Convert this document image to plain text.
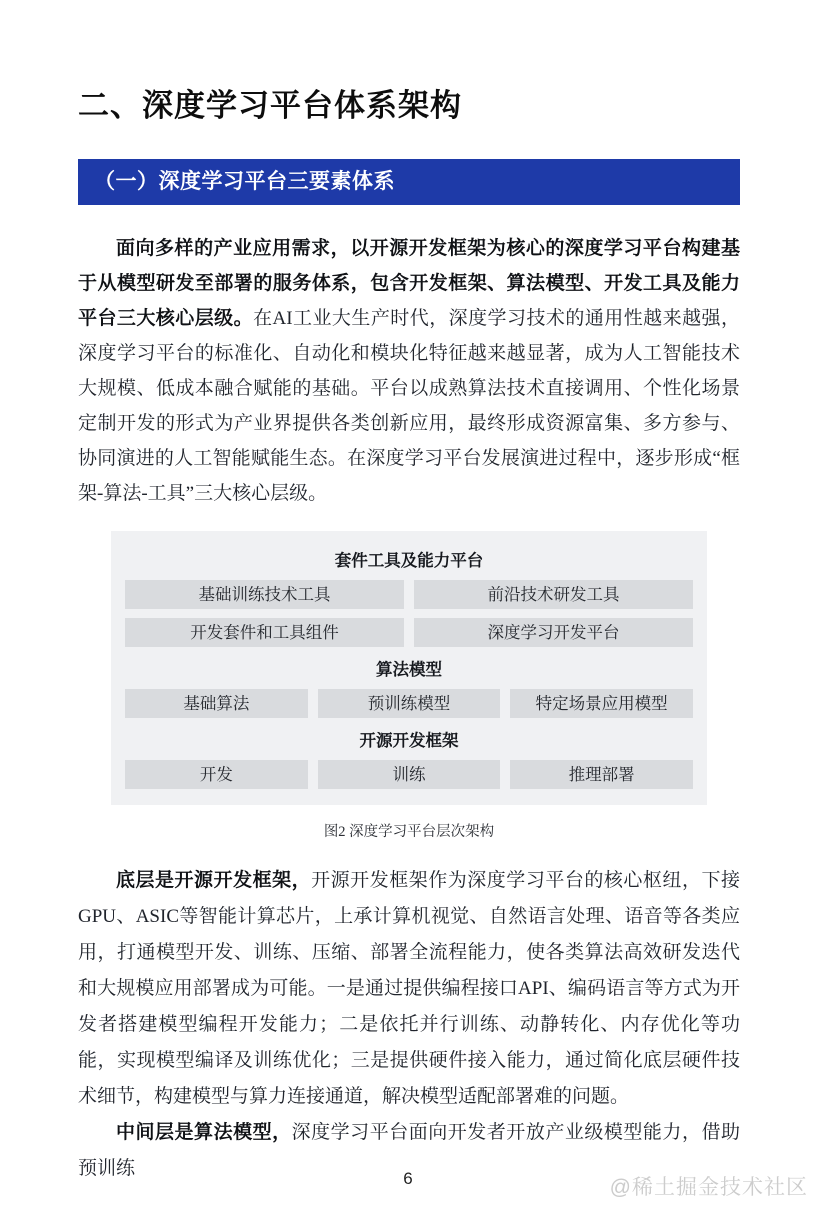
二、深度学习平台体系架构
（一）深度学习平台三要素体系

面向多样的产业应用需求，以开源开发框架为核心的深度学习平台构建基于从模型研发至部署的服务体系，包含开发框架、算法模型、开发工具及能力平台三大核心层级。在AI工业大生产时代，深度学习技术的通用性越来越强，深度学习平台的标准化、自动化和模块化特征越来越显著，成为人工智能技术大规模、低成本融合赋能的基础。平台以成熟算法技术直接调用、个性化场景定制开发的形式为产业界提供各类创新应用，最终形成资源富集、多方参与、协同演进的人工智能赋能生态。在深度学习平台发展演进过程中，逐步形成“框架-算法-工具”三大核心层级。

套件工具及能力平台
基础训练技术工具	前沿技术研发工具
开发套件和工具组件	深度学习开发平台
算法模型
基础算法	预训练模型	特定场景应用模型
开源开发框架
开发	训练	推理部署
图2 深度学习平台层次架构

底层是开源开发框架，开源开发框架作为深度学习平台的核心枢纽，下接GPU、ASIC等智能计算芯片，上承计算机视觉、自然语言处理、语音等各类应用，打通模型开发、训练、压缩、部署全流程能力，使各类算法高效研发迭代和大规模应用部署成为可能。一是通过提供编程接口API、编码语言等方式为开发者搭建模型编程开发能力；二是依托并行训练、动静转化、内存优化等功能，实现模型编译及训练优化；三是提供硬件接入能力，通过简化底层硬件技术细节，构建模型与算力连接通道，解决模型适配部署难的问题。

中间层是算法模型，深度学习平台面向开发者开放产业级模型能力，借助预训练	6	@稀土掘金技术社区
